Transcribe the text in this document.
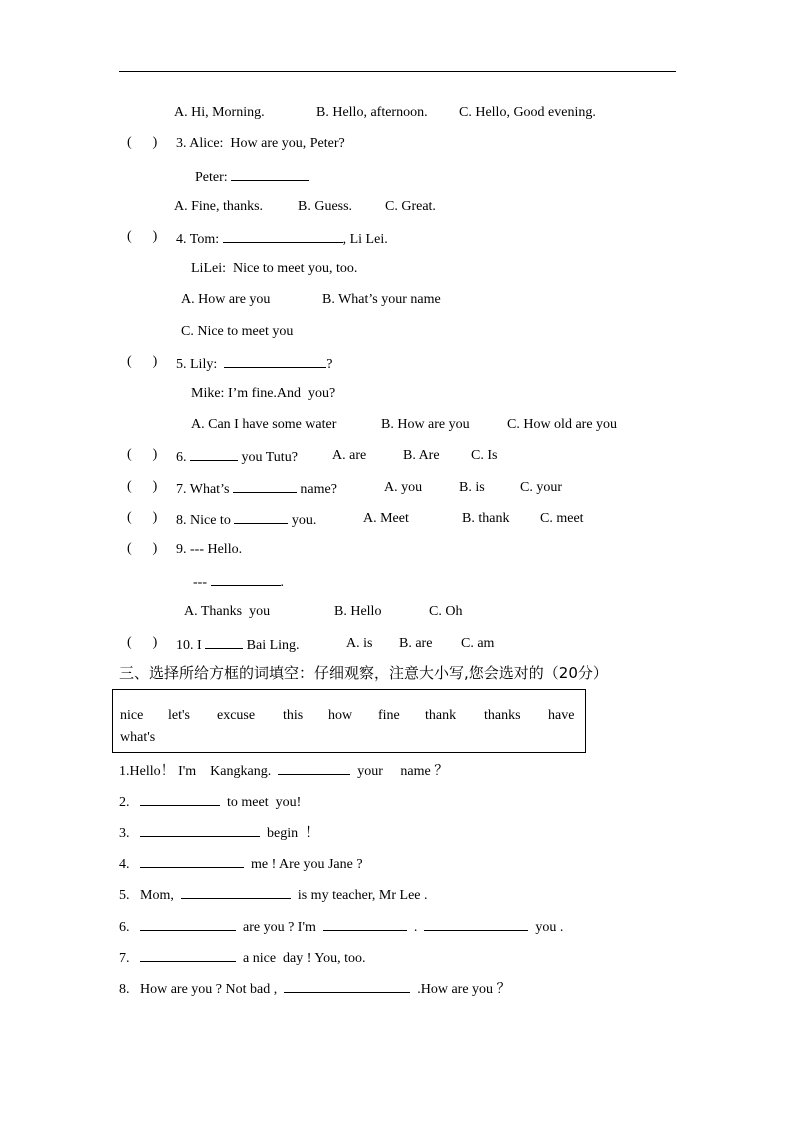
A. Hi, Morning.	B. Hello, afternoon. C. Hello, Good evening.
(      ) 3. Alice:  How are you, Peter?
Peter:
A. Fine, thanks. B. Guess. C. Great.
(      ) 4. Tom:	, Li Lei.
LiLei:  Nice to meet you, too.
A. How are you	B. What’s your name
C. Nice to meet you
(      ) 5. Lily:	?
Mike: I’m fine.And  you?
A. Can I have some water	B. How are you	C. How old are you
(      ) 6.	you Tutu? A. are	B. Are C. Is
(      ) 7. What’s	name?	A. you	B. is	C. your
(      ) 8. Nice to	you.	A. Meet	B. thank C. meet
(      ) 9. --- Hello.
---	.
A. Thanks  you	B. Hello	C. Oh
(      ) 10. I	Bai Ling.	A. is B. are C. am
三、选择所给方框的词填空：仔细观察，注意大小写,您会选对的（20分）
nice let's excuse this how fine thank thanks have
what's
1.Hello！ I'm    Kangkang.	your     name ？
2.	to meet  you!
3.	begin  ！
4.	me ! Are you Jane ?
5. Mom,	is my teacher, Mr Lee .
6.	are you ? I'm	.	you .
7.	a nice  day ! You, too.
8. How are you ? Not bad ,	.How are you ？
